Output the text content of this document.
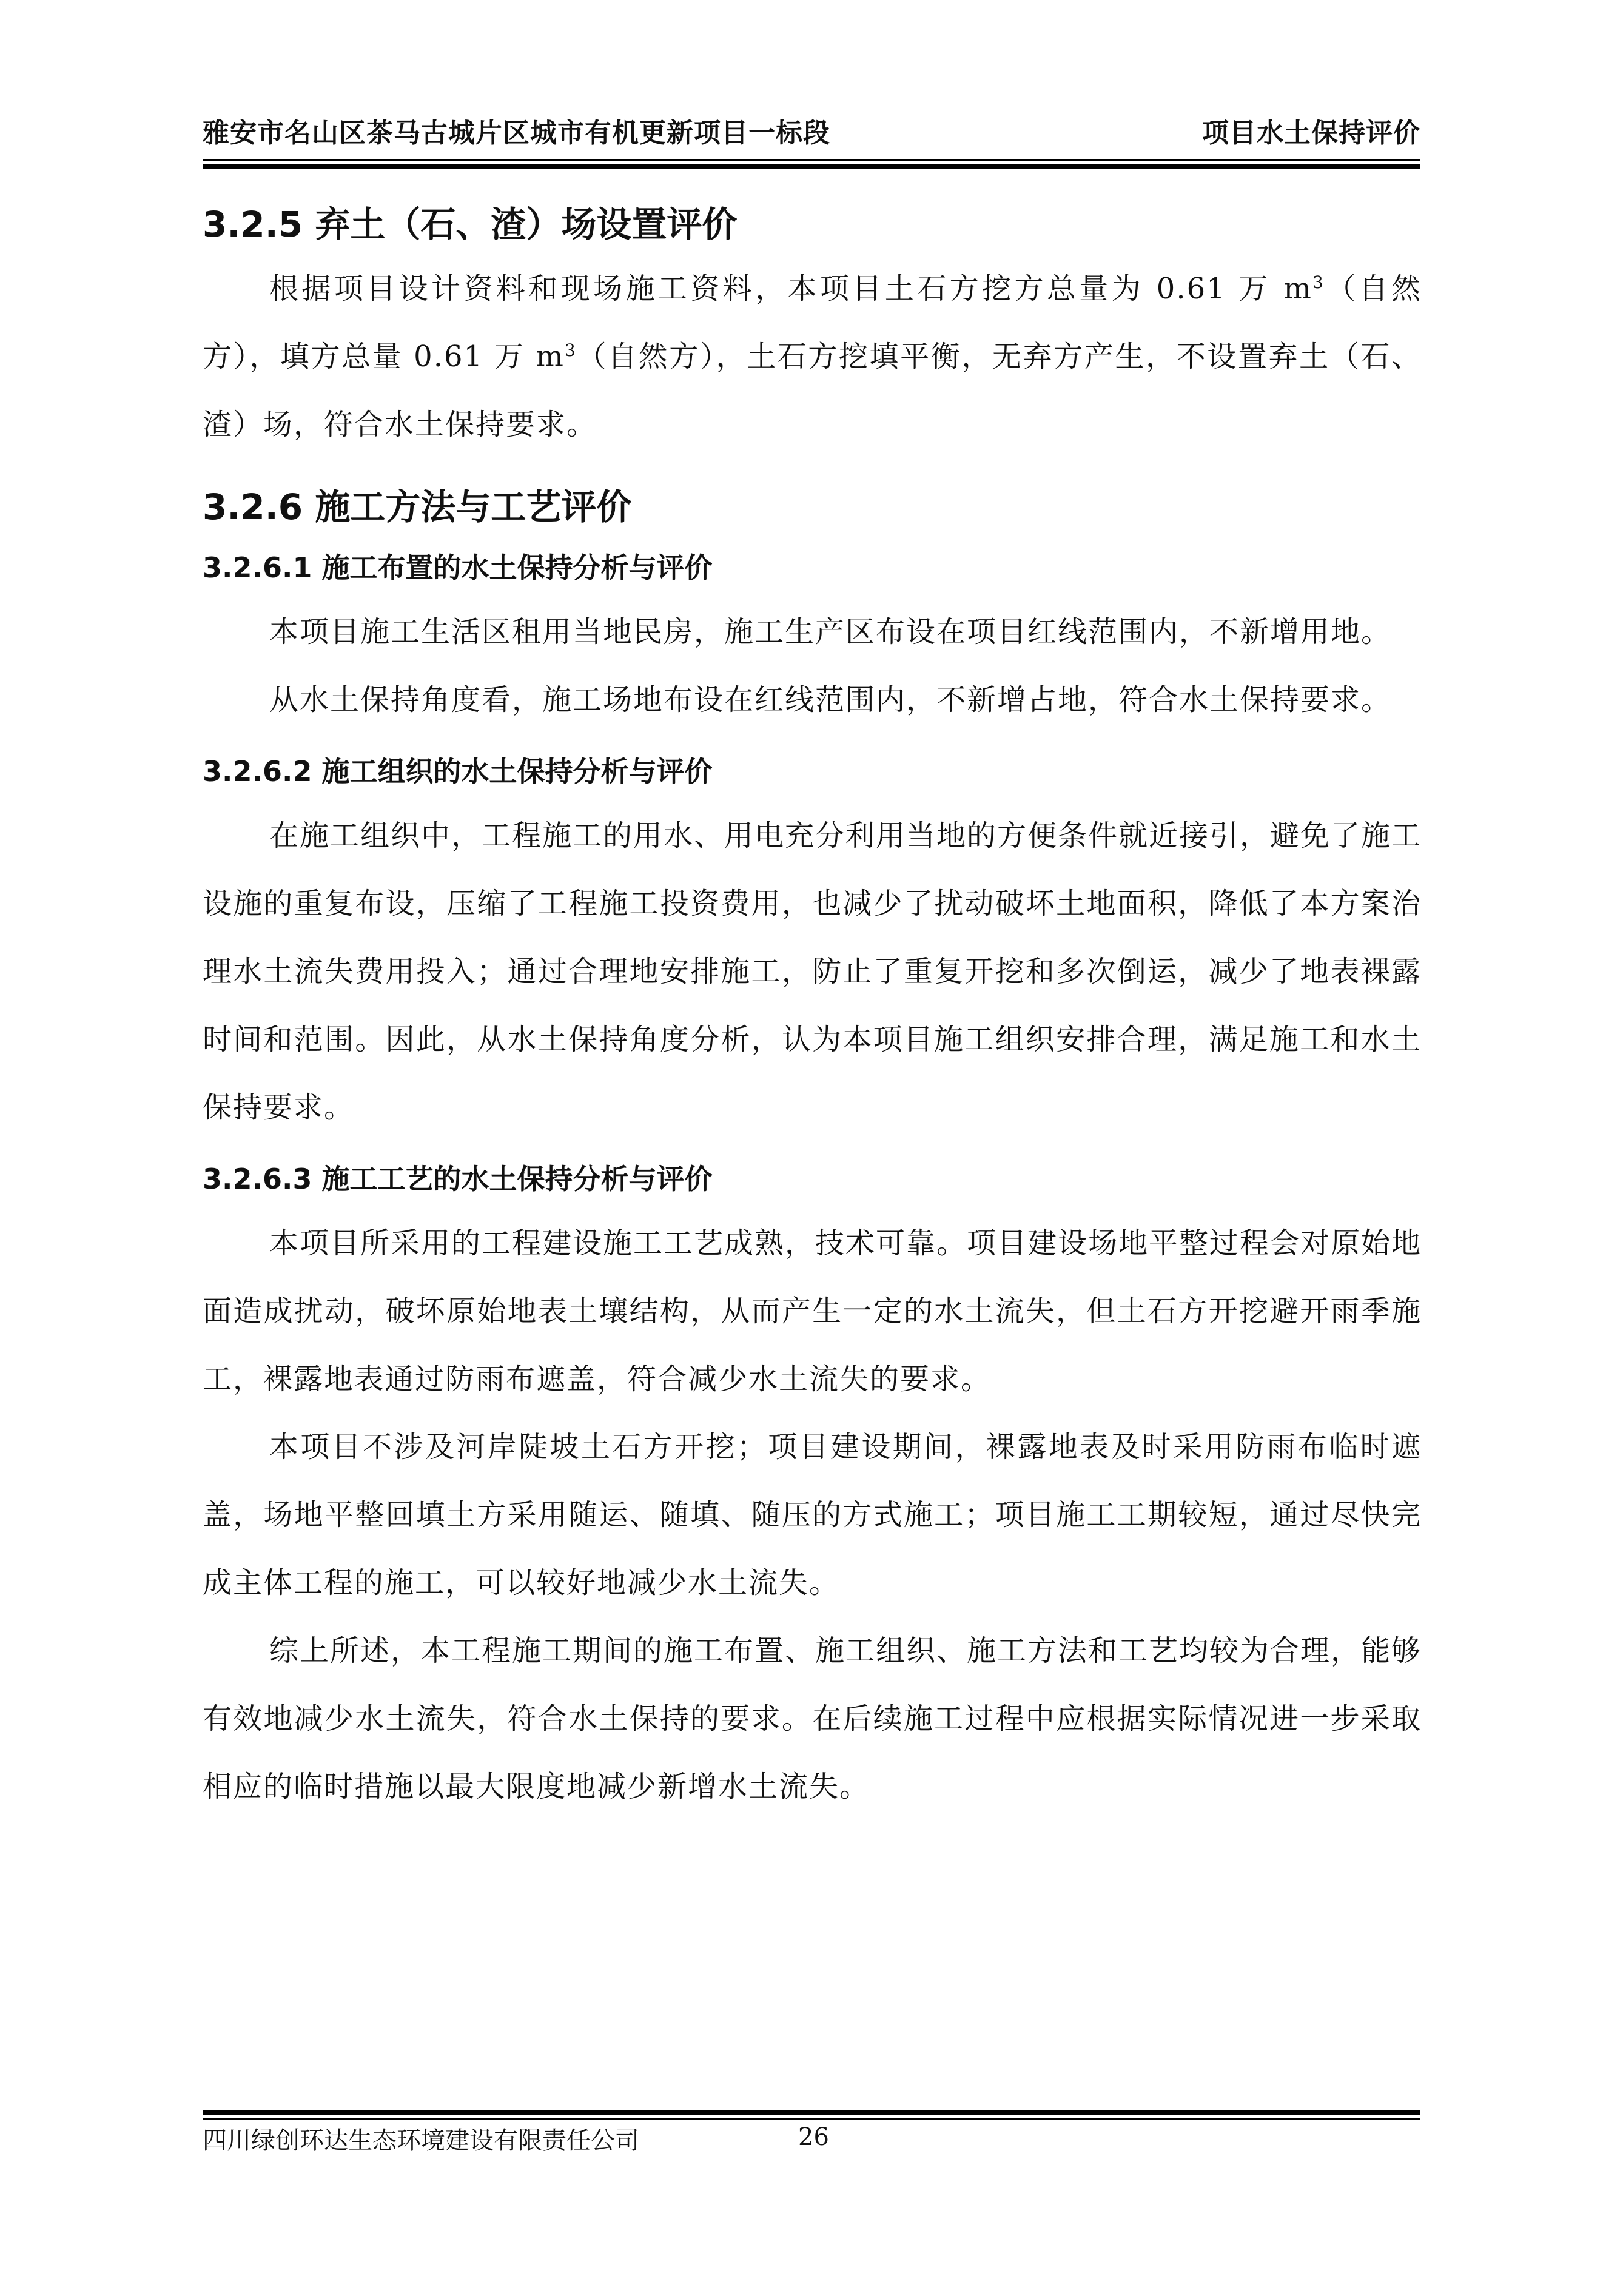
雅安市名山区茶马古城片区城市有机更新项目一标段	项目水土保持评价
3.2.5 弃土（石、渣）场设置评价

根据项目设计资料和现场施工资料，本项目土石方挖方总量为 0.61 万 $m^3$（自然方），填方总量 0.61 万 $m^3$（自然方），土石方挖填平衡，无弃方产生，不设置弃土（石、渣）场，符合水土保持要求。

3.2.6 施工方法与工艺评价
3.2.6.1 施工布置的水土保持分析与评价

本项目施工生活区租用当地民房，施工生产区布设在项目红线范围内，不新增用地。

从水土保持角度看，施工场地布设在红线范围内，不新增占地，符合水土保持要求。

3.2.6.2 施工组织的水土保持分析与评价

在施工组织中，工程施工的用水、用电充分利用当地的方便条件就近接引，避免了施工设施的重复布设，压缩了工程施工投资费用，也减少了扰动破坏土地面积，降低了本方案治理水土流失费用投入；通过合理地安排施工，防止了重复开挖和多次倒运，减少了地表裸露时间和范围。因此，从水土保持角度分析，认为本项目施工组织安排合理，满足施工和水土保持要求。

3.2.6.3 施工工艺的水土保持分析与评价

本项目所采用的工程建设施工工艺成熟，技术可靠。项目建设场地平整过程会对原始地面造成扰动，破坏原始地表土壤结构，从而产生一定的水土流失，但土石方开挖避开雨季施工，裸露地表通过防雨布遮盖，符合减少水土流失的要求。

本项目不涉及河岸陡坡土石方开挖；项目建设期间，裸露地表及时采用防雨布临时遮盖，场地平整回填土方采用随运、随填、随压的方式施工；项目施工工期较短，通过尽快完成主体工程的施工，可以较好地减少水土流失。

综上所述，本工程施工期间的施工布置、施工组织、施工方法和工艺均较为合理，能够有效地减少水土流失，符合水土保持的要求。在后续施工过程中应根据实际情况进一步采取相应的临时措施以最大限度地减少新增水土流失。

四川绿创环达生态环境建设有限责任公司	26
